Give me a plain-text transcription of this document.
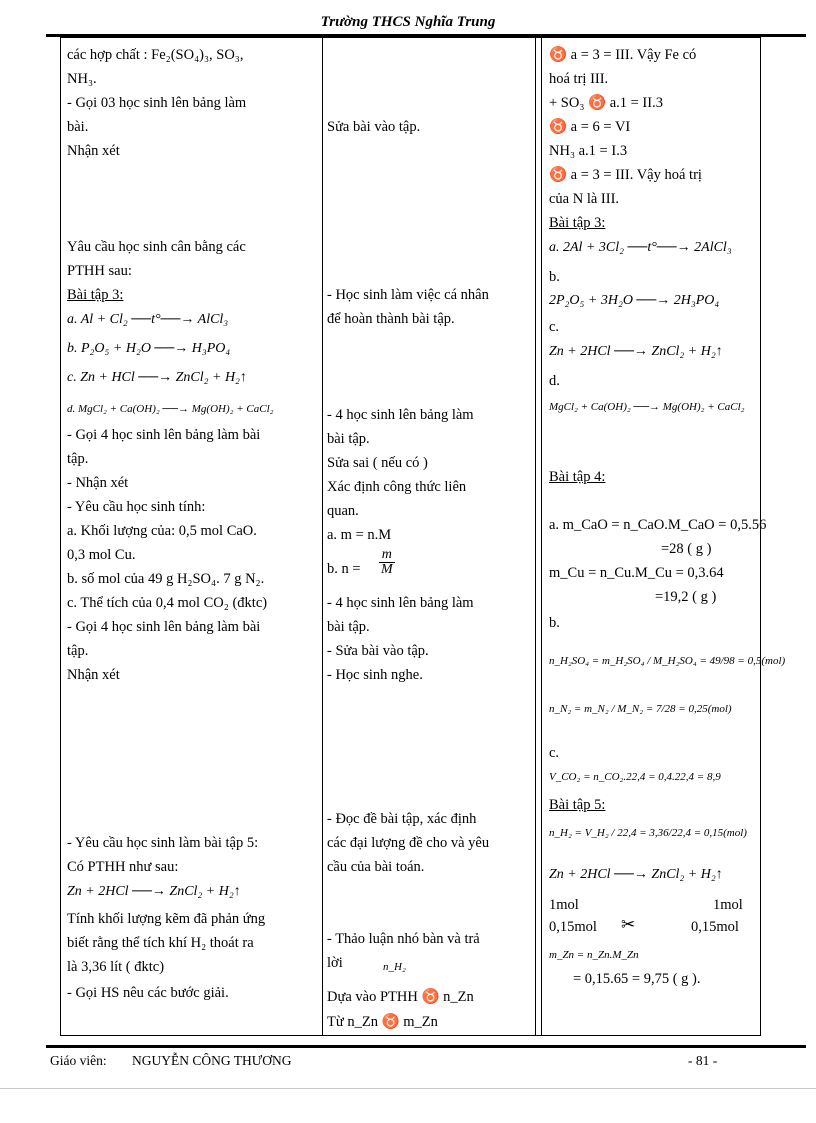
Trường THCS Nghĩa Trung
các hợp chất : Fe₂(SO₄)₃, SO₃,
NH₃.
- Gọi 03 học sinh lên bảng làm
bài.
Nhận xét
Yâu cầu học sinh cân bằng các
PTHH sau:
Bài tập 3:
a. Al + Cl₂ ──t°──→ AlCl₃
b. P₂O₅ + H₂O ──→ H₃PO₄
c. Zn + HCl ──→ ZnCl₂ + H₂↑
d. MgCl₂ + Ca(OH)₂ ──→ Mg(OH)₂ + CaCl₂
- Gọi 4 học sinh lên bảng làm bài
tập.
- Nhận xét
- Yêu cầu học sinh tính:
a. Khối lượng của: 0,5 mol CaO.
0,3 mol Cu.
b. số mol của 49 g H₂SO₄. 7 g N₂.
c. Thể tích của 0,4 mol CO₂ (đktc)
- Gọi 4 học sinh lên bảng làm bài
tập.
Nhận xét
- Yêu cầu học sinh làm bài tập 5:
Có PTHH như sau:
Zn + 2HCl ──→ ZnCl₂ + H₂↑
Tính khối lượng kẽm đã phản ứng
biết rằng thể tích khí H₂ thoát ra
là 3,36 lít ( đktc)
- Gọi HS nêu các bước giải.
Sửa bài vào tập.
- Học sinh làm việc cá nhân
để hoàn thành bài tập.
- 4 học sinh lên bảng làm
bài tập.
Sửa sai ( nếu có )
Xác định công thức liên
quan.
a. m = n.M
b. $n = \frac{m}{M}$
- 4 học sinh lên bảng làm
bài tập.
- Sửa bài vào tập.
- Học sinh nghe.
- Đọc đề bài tập, xác định
các đại lượng đề cho và yêu
cầu của bài toán.
- Thảo luận nhó bàn và trả
lời	n_H₂
Dựa vào PTHH ♉ n_Zn
Từ n_Zn ♉ m_Zn
♉ a = 3 = III. Vậy Fe có
hoá trị III.
+ SO₃ ♉ a.1 = II.3
♉ a = 6 = VI
NH₃ a.1 = I.3
♉ a = 3 = III. Vậy hoá trị
của N là III.
Bài tập 3:
a. 2Al + 3Cl₂ ──t°──→ 2AlCl₃
b.
2P₂O₅ + 3H₂O ──→ 2H₃PO₄
c.
Zn + 2HCl ──→ ZnCl₂ + H₂↑
d.
MgCl₂ + Ca(OH)₂ ──→ Mg(OH)₂ + CaCl₂
Bài tập 4:
a. m_CaO = n_CaO.M_CaO = 0,5.56
=28 ( g )
m_Cu = n_Cu.M_Cu = 0,3.64
=19,2 ( g )
b.
n_H₂SO₄ = m_H₂SO₄ / M_H₂SO₄ = 49/98 = 0,5(mol)
n_N₂ = m_N₂ / M_N₂ = 7/28 = 0,25(mol)
c.
V_CO₂ = n_CO₂.22,4 = 0,4.22,4 = 8,9
Bài tập 5:
n_H₂ = V_H₂ / 22,4 = 3,36/22,4 = 0,15(mol)
Zn + 2HCl ──→ ZnCl₂ + H₂↑
1mol	1mol
0,15mol ✂	0,15mol
m_Zn = n_Zn.M_Zn
= 0,15.65 = 9,75 ( g ).
Giáo viên: NGUYỄN CÔNG THƯƠNG	- 81 -
